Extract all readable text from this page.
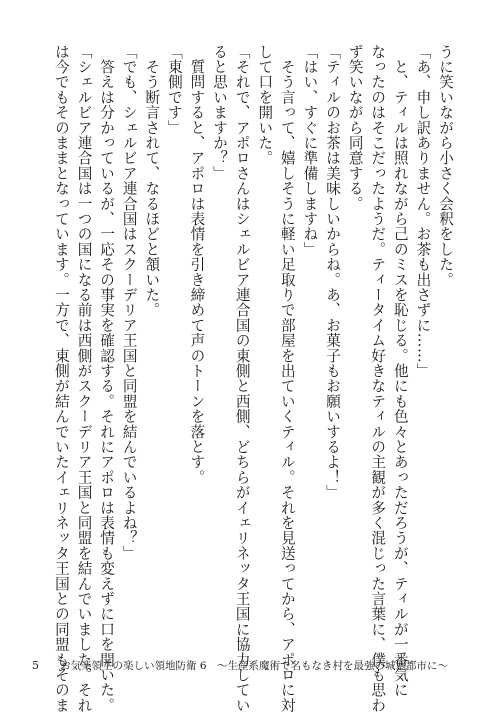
うに笑いながら小さく会釈をした。
「あ、申し訳ありません。お茶も出さずに……」
　と、ティルは照れながら己のミスを恥じる。他にも色々とあっただろうが、ティルが一番気に
なったのはそこだったようだ。ティータイム好きなティルの主観が多く混じった言葉に、僕も思わ
ず笑いながら同意する。
「ティルのお茶は美味しいからね。あ、お菓子もお願いするよ！」
「はい、すぐに準備しますね」
　そう言って、嬉しそうに軽い足取りで部屋を出ていくティル。それを見送ってから、アポロに対
して口を開いた。
「それで、アポロさんはシェルビア連合国の東側と西側、どちらがイェリネッタ王国に協力してい
ると思いますか？」
　質問すると、アポロは表情を引き締めて声のトーンを落とす。
「東側です」
　そう断言されて、なるほどと頷いた。
「でも、シェルビア連合国はスクーデリア王国と同盟を結んでいるよね？」
　答えは分かっているが、一応その事実を確認する。それにアポロは表情も変えずに口を開いた。
「シェルビア連合国は一つの国になる前は西側がスクーデリア王国と同盟を結んでいました。それ
は今でもそのままとなっています。一方で、東側が結んでいたイェリネッタ王国との同盟もそのま
5	お気楽領主の楽しい領地防衛 6　～生産系魔術で名もなき村を最強の城塞都市に～
